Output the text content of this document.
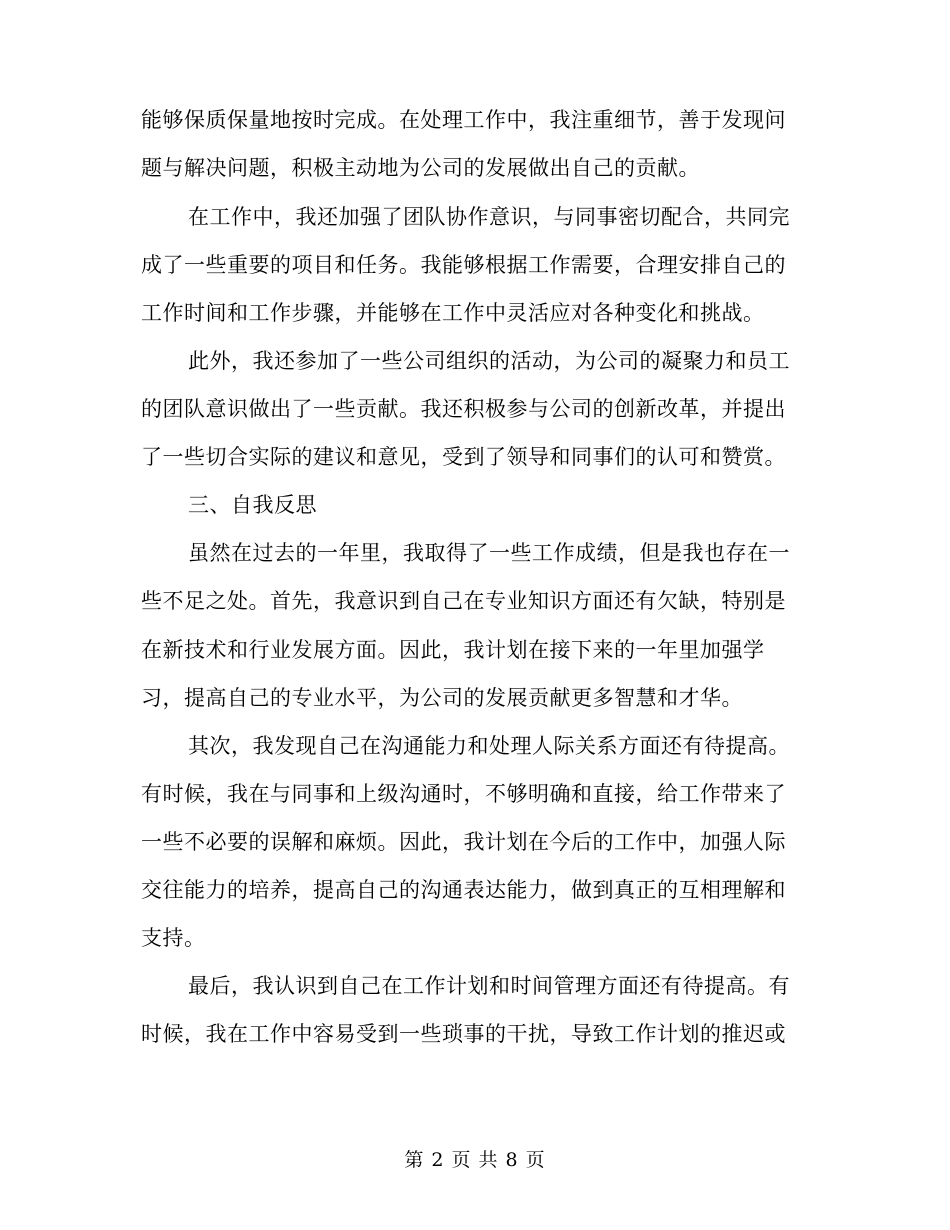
能够保质保量地按时完成。在处理工作中，我注重细节，善于发现问
题与解决问题，积极主动地为公司的发展做出自己的贡献。
在工作中，我还加强了团队协作意识，与同事密切配合，共同完
成了一些重要的项目和任务。我能够根据工作需要，合理安排自己的
工作时间和工作步骤，并能够在工作中灵活应对各种变化和挑战。
此外，我还参加了一些公司组织的活动，为公司的凝聚力和员工
的团队意识做出了一些贡献。我还积极参与公司的创新改革，并提出
了一些切合实际的建议和意见，受到了领导和同事们的认可和赞赏。
三、自我反思
虽然在过去的一年里，我取得了一些工作成绩，但是我也存在一
些不足之处。首先，我意识到自己在专业知识方面还有欠缺，特别是
在新技术和行业发展方面。因此，我计划在接下来的一年里加强学
习，提高自己的专业水平，为公司的发展贡献更多智慧和才华。
其次，我发现自己在沟通能力和处理人际关系方面还有待提高。
有时候，我在与同事和上级沟通时，不够明确和直接，给工作带来了
一些不必要的误解和麻烦。因此，我计划在今后的工作中，加强人际
交往能力的培养，提高自己的沟通表达能力，做到真正的互相理解和
支持。
最后，我认识到自己在工作计划和时间管理方面还有待提高。有
时候，我在工作中容易受到一些琐事的干扰，导致工作计划的推迟或
第 2 页 共 8 页
